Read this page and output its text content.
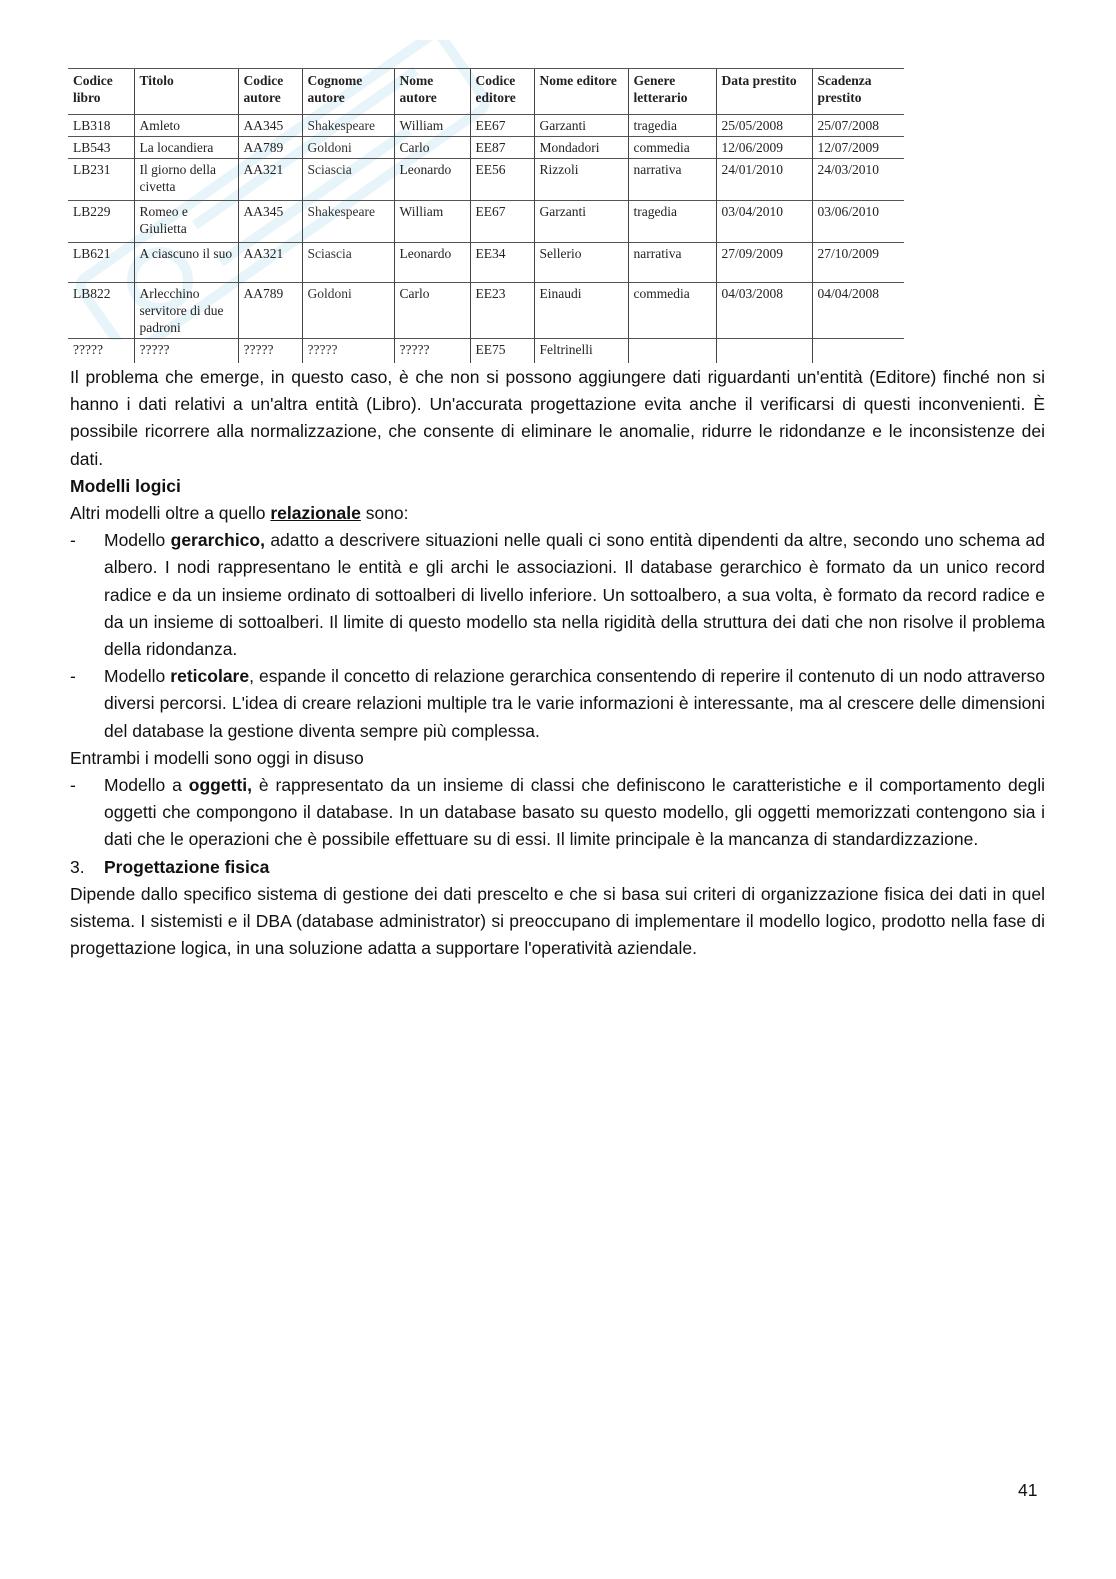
Codice libro	Titolo	Codice autore	Cognome autore	Nome autore	Codice editore	Nome editore	Genere letterario	Data prestito	Scadenza prestito
LB318	Amleto	AA345	Shakespeare	William	EE67	Garzanti	tragedia	25/05/2008	25/07/2008
LB543	La locandiera	AA789	Goldoni	Carlo	EE87	Mondadori	commedia	12/06/2009	12/07/2009
LB231	Il giorno della civetta	AA321	Sciascia	Leonardo	EE56	Rizzoli	narrativa	24/01/2010	24/03/2010
LB229	Romeo e Giulietta	AA345	Shakespeare	William	EE67	Garzanti	tragedia	03/04/2010	03/06/2010
LB621	A ciascuno il suo	AA321	Sciascia	Leonardo	EE34	Sellerio	narrativa	27/09/2009	27/10/2009
LB822	Arlecchino servitore di due padroni	AA789	Goldoni	Carlo	EE23	Einaudi	commedia	04/03/2008	04/04/2008
?????	?????	?????	?????	?????	EE75	Feltrinelli			

Il problema che emerge, in questo caso, è che non si possono aggiungere dati riguardanti un'entità (Editore) finché non si hanno i dati relativi a un'altra entità (Libro). Un'accurata progettazione evita anche il verificarsi di questi inconvenienti. È possibile ricorrere alla normalizzazione, che consente di eliminare le anomalie, ridurre le ridondanze e le inconsistenze dei dati.

Modelli logici

Altri modelli oltre a quello relazionale sono:

- Modello gerarchico, adatto a descrivere situazioni nelle quali ci sono entità dipendenti da altre, secondo uno schema ad albero. I nodi rappresentano le entità e gli archi le associazioni. Il database gerarchico è formato da un unico record radice e da un insieme ordinato di sottoalberi di livello inferiore. Un sottoalbero, a sua volta, è formato da record radice e da un insieme di sottoalberi. Il limite di questo modello sta nella rigidità della struttura dei dati che non risolve il problema della ridondanza.
- Modello reticolare, espande il concetto di relazione gerarchica consentendo di reperire il contenuto di un nodo attraverso diversi percorsi. L'idea di creare relazioni multiple tra le varie informazioni è interessante, ma al crescere delle dimensioni del database la gestione diventa sempre più complessa.

Entrambi i modelli sono oggi in disuso

- Modello a oggetti, è rappresentato da un insieme di classi che definiscono le caratteristiche e il comportamento degli oggetti che compongono il database. In un database basato su questo modello, gli oggetti memorizzati contengono sia i dati che le operazioni che è possibile effettuare su di essi. Il limite principale è la mancanza di standardizzazione.
3. Progettazione fisica

Dipende dallo specifico sistema di gestione dei dati prescelto e che si basa sui criteri di organizzazione fisica dei dati in quel sistema. I sistemisti e il DBA (database administrator) si preoccupano di implementare il modello logico, prodotto nella fase di progettazione logica, in una soluzione adatta a supportare l'operatività aziendale.

41
